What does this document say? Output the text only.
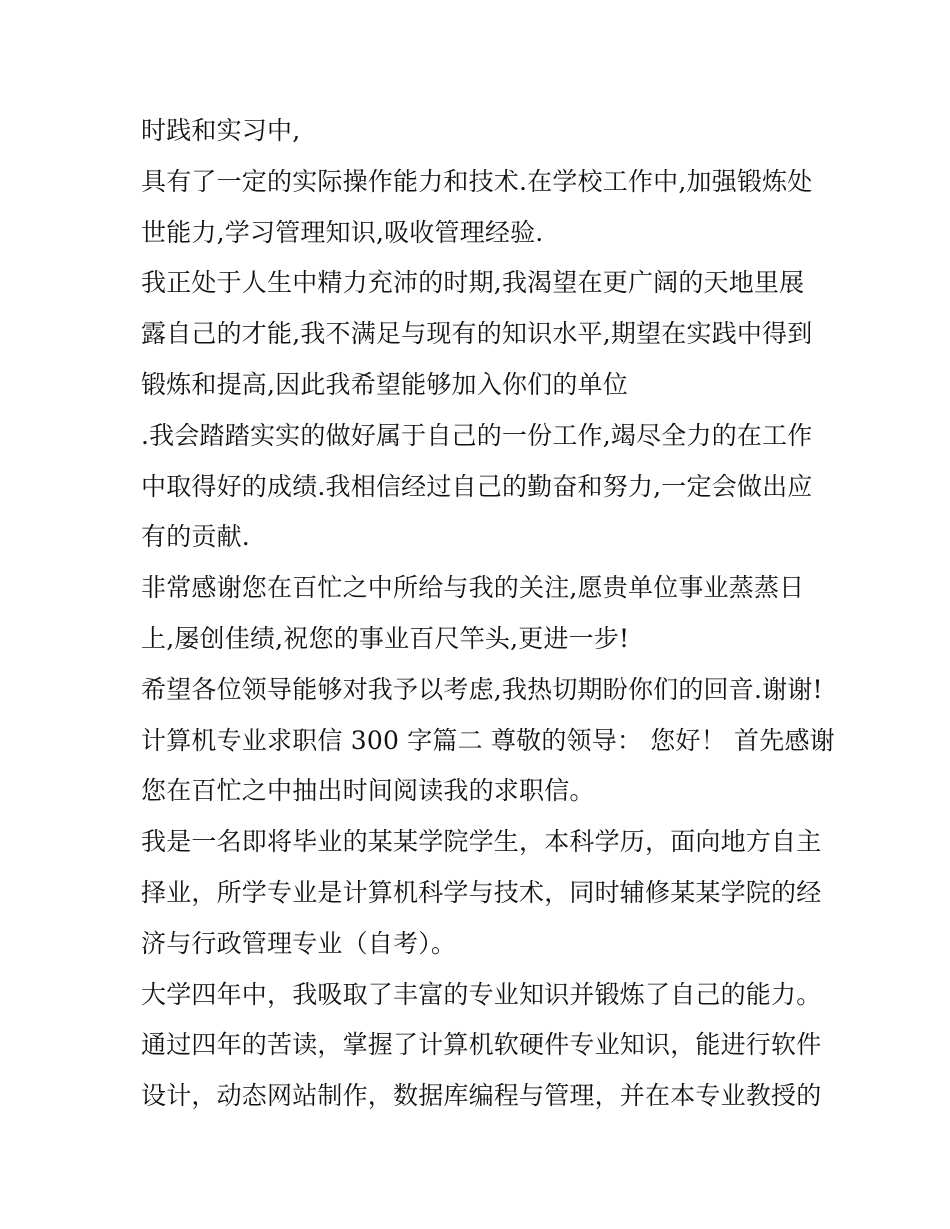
时践和实习中,
具有了一定的实际操作能力和技术.在学校工作中,加强锻炼处
世能力,学习管理知识,吸收管理经验.
我正处于人生中精力充沛的时期,我渴望在更广阔的天地里展
露自己的才能,我不满足与现有的知识水平,期望在实践中得到
锻炼和提高,因此我希望能够加入你们的单位
.我会踏踏实实的做好属于自己的一份工作,竭尽全力的在工作
中取得好的成绩.我相信经过自己的勤奋和努力,一定会做出应
有的贡献.
非常感谢您在百忙之中所给与我的关注,愿贵单位事业蒸蒸日
上,屡创佳绩,祝您的事业百尺竿头,更进一步!
希望各位领导能够对我予以考虑,我热切期盼你们的回音.谢谢!
计算机专业求职信 300 字篇二 尊敬的领导： 您好！ 首先感谢
您在百忙之中抽出时间阅读我的求职信。
我是一名即将毕业的某某学院学生，本科学历，面向地方自主
择业，所学专业是计算机科学与技术，同时辅修某某学院的经
济与行政管理专业（自考）。
大学四年中，我吸取了丰富的专业知识并锻炼了自己的能力。
通过四年的苦读，掌握了计算机软硬件专业知识，能进行软件
设计，动态网站制作，数据库编程与管理，并在本专业教授的
